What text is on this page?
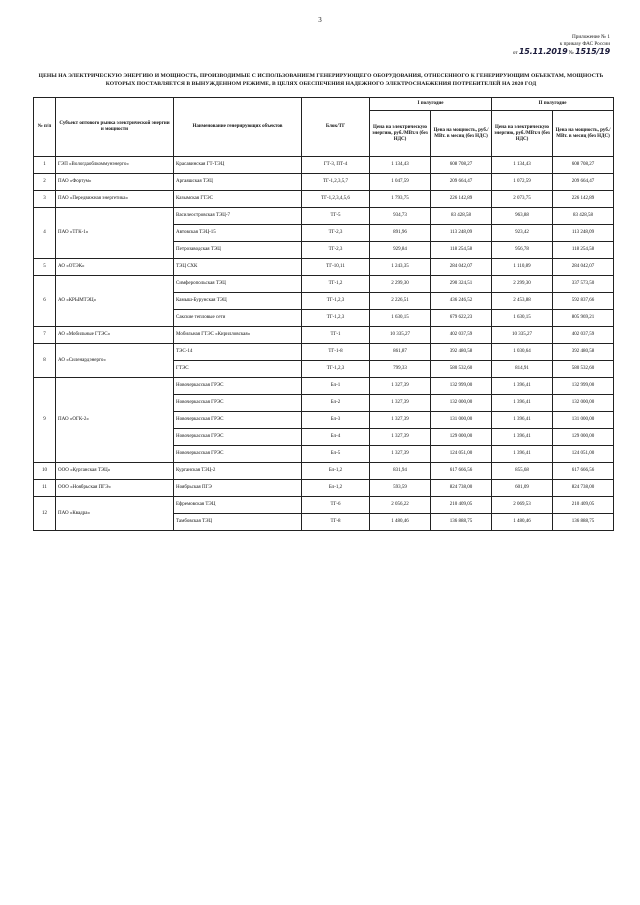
3
Приложение № 1
к приказу ФАС России
от 15.11.2019 № 1515/19
ЦЕНЫ НА ЭЛЕКТРИЧЕСКУЮ ЭНЕРГИЮ И МОЩНОСТЬ, ПРОИЗВОДИМЫЕ С ИСПОЛЬЗОВАНИЕМ ГЕНЕРИРУЮЩЕГО ОБОРУДОВАНИЯ, ОТНЕСЕННОГО К ГЕНЕРИРУЮЩИМ ОБЪЕКТАМ, МОЩНОСТЬ КОТОРЫХ ПОСТАВЛЯЕТСЯ В ВЫНУЖДЕННОМ РЕЖИМЕ, В ЦЕЛЯХ ОБЕСПЕЧЕНИЯ НАДЕЖНОГО ЭЛЕКТРОСНАБЖЕНИЯ ПОТРЕБИТЕЛЕЙ НА 2020 ГОД
№ п/п	Субъект оптового рынка электрической энергии и мощности	Наименование генерирующих объектов	Блок/ТГ	I полугодие		II полугодие	
				Цена на электрическую энергию, руб./МВт.ч (без НДС)	Цена на мощность, руб./МВт. в месяц (без НДС)	Цена на электрическую энергию, руб./МВт.ч (без НДС)	Цена на мощность, руб./МВт. в месяц (без НДС)
1	ГЭП «Вологдаоблкоммунэнерго»	Красавинская ГТ-ТЭЦ	ГТ-3, ПТ-4	1 134,43	608 708,27	1 134,43	608 708,27
2	ПАО «Фортум»	Аргаяшская ТЭЦ	ТГ-1,2,3,5,7	1 047,59	209 664,47	1 072,59	209 664,47
3	ПАО «Передвижная энергетика»	Казымская ГТЭС	ТГ-1,2,3,4,5,6	1 793,75	226 142,89	2 073,75	226 142,89
4	ПАО «ТГК-1»	Василеостровская ТЭЦ-7	ТГ-5	934,73	83 428,58	963,88	83 428,58
		Автовская ТЭЦ-15	ТГ-2,3	891,96	113 248,09	923,42	113 248,09
		Петрозаводская ТЭЦ	ТГ-2,3	929,84	118 254,58	956,78	118 254,58
5	АО «ОТЭК»	ТЭЦ СХК	ТГ-10,11	1 243,35	284 042,07	1 110,89	284 042,07
6	АО «КРЫМТЭЦ»	Симферопольская ТЭЦ	ТГ-1,2	2 299,30	290 324,51	2 299,30	337 573,50
		Камыш-Бурунская ТЭЦ	ТГ-1,2,3	2 226,51	436 246,52	2 453,88	592 837,66
		Сакские тепловые сети	ТГ-1,2,3	1 630,15	679 622,23	1 630,15	805 969,21
7	АО «Мобильные ГТЭС»	Мобильная ГТЭС «Кирилловская»	ТГ-1	10 335,27	402 037,59	10 335,27	402 037,59
8	АО «Силенардэнерго»	ТЭС-14	ТГ-1-8	861,87	392 480,58	1 030,64	392 480,58
		ГТЭС	ТГ-1,2,3	799,33	580 532,60	814,91	580 532,60
9	ПАО «ОГК-2»	Новочеркасская ГРЭС	Бл-1	1 327,39	132 999,00	1 396,41	132 999,00
		Новочеркасская ГРЭС	Бл-2	1 327,39	132 000,00	1 396,41	132 000,00
		Новочеркасская ГРЭС	Бл-3	1 327,39	131 000,00	1 396,41	131 000,00
		Новочеркасская ГРЭС	Бл-4	1 327,39	129 000,00	1 396,41	129 000,00
		Новочеркасская ГРЭС	Бл-5	1 327,39	124 051,00	1 396,41	124 051,00
10	ООО «Курганская ТЭЦ»	Курганская ТЭЦ-2	Бл-1,2	831,94	617 666,56	855,68	617 666,56
11	ООО «Ноябрьская ПГЭ»	Ноябрьская ПГЭ	Бл-1,2	593,59	824 738,00	601,09	824 738,00
12	ПАО «Квадра»	Ефремовская ТЭЦ	ТГ-6	2 056,22	210 409,05	2 069,53	210 409,05
		Тамбовская ТЭЦ	ТГ-8	1 480,46	136 888,75	1 480,46	136 888,75
